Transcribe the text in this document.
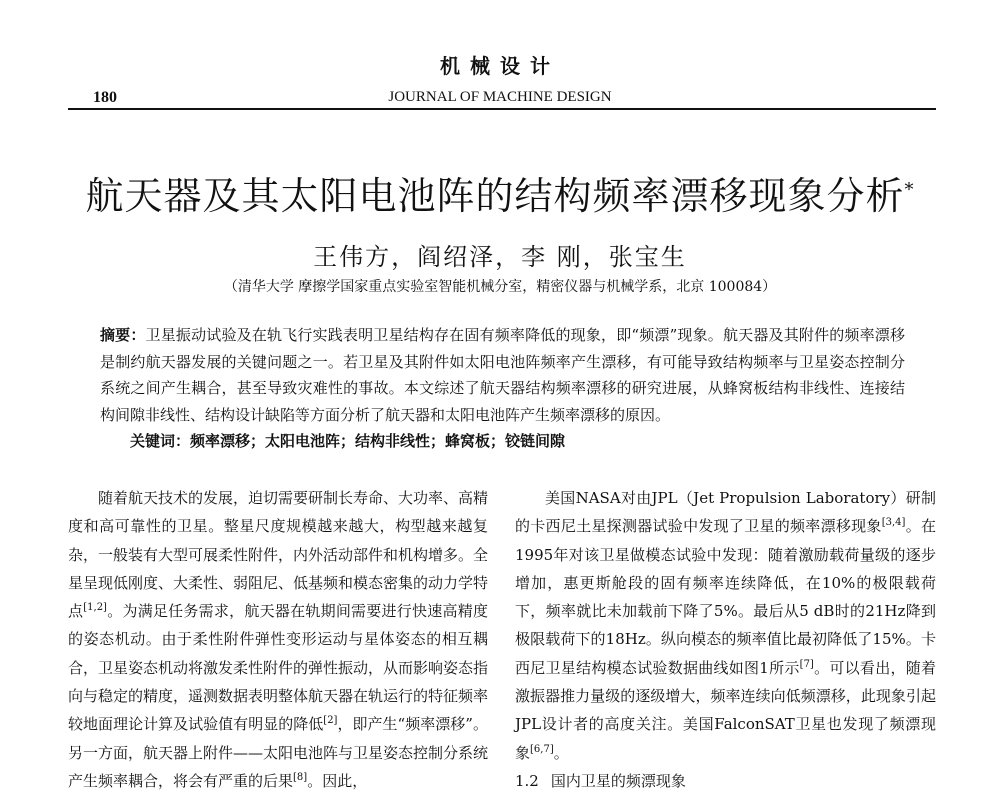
机械设计
180	JOURNAL OF MACHINE DESIGN
航天器及其太阳电池阵的结构频率漂移现象分析*
王伟方，阎绍泽，李 刚，张宝生
（清华大学 摩擦学国家重点实验室智能机械分室，精密仪器与机械学系，北京 100084）
摘要：卫星振动试验及在轨飞行实践表明卫星结构存在固有频率降低的现象，即“频漂”现象。航天器及其附件的频率漂移是制约航天器发展的关键问题之一。若卫星及其附件如太阳电池阵频率产生漂移，有可能导致结构频率与卫星姿态控制分系统之间产生耦合，甚至导致灾难性的事故。本文综述了航天器结构频率漂移的研究进展，从蜂窝板结构非线性、连接结构间隙非线性、结构设计缺陷等方面分析了航天器和太阳电池阵产生频率漂移的原因。
关键词：频率漂移；太阳电池阵；结构非线性；蜂窝板；铰链间隙

随着航天技术的发展，迫切需要研制长寿命、大功率、高精度和高可靠性的卫星。整星尺度规模越来越大，构型越来越复杂，一般装有大型可展柔性附件，内外活动部件和机构增多。全星呈现低刚度、大柔性、弱阻尼、低基频和模态密集的动力学特点[1,2]。为满足任务需求，航天器在轨期间需要进行快速高精度的姿态机动。由于柔性附件弹性变形运动与星体姿态的相互耦合，卫星姿态机动将激发柔性附件的弹性振动，从而影响姿态指向与稳定的精度，遥测数据表明整体航天器在轨运行的特征频率较地面理论计算及试验值有明显的降低[2]，即产生“频率漂移”。另一方面，航天器上附件——太阳电池阵与卫星姿态控制分系统产生频率耦合，将会有严重的后果[8]。因此，

美国NASA对由JPL（Jet Propulsion Laboratory）研制的卡西尼土星探测器试验中发现了卫星的频率漂移现象[3,4]。在1995年对该卫星做模态试验中发现：随着激励载荷量级的逐步增加，惠更斯舱段的固有频率连续降低，在10%的极限载荷下，频率就比未加载前下降了5%。最后从5 dB时的21Hz降到极限载荷下的18Hz。纵向模态的频率值比最初降低了15%。卡西尼卫星结构模态试验数据曲线如图1所示[7]。可以看出，随着激振器推力量级的逐级增大，频率连续向低频漂移，此现象引起JPL设计者的高度关注。美国FalconSAT卫星也发现了频漂现象[6,7]。

1.2 国内卫星的频漂现象
